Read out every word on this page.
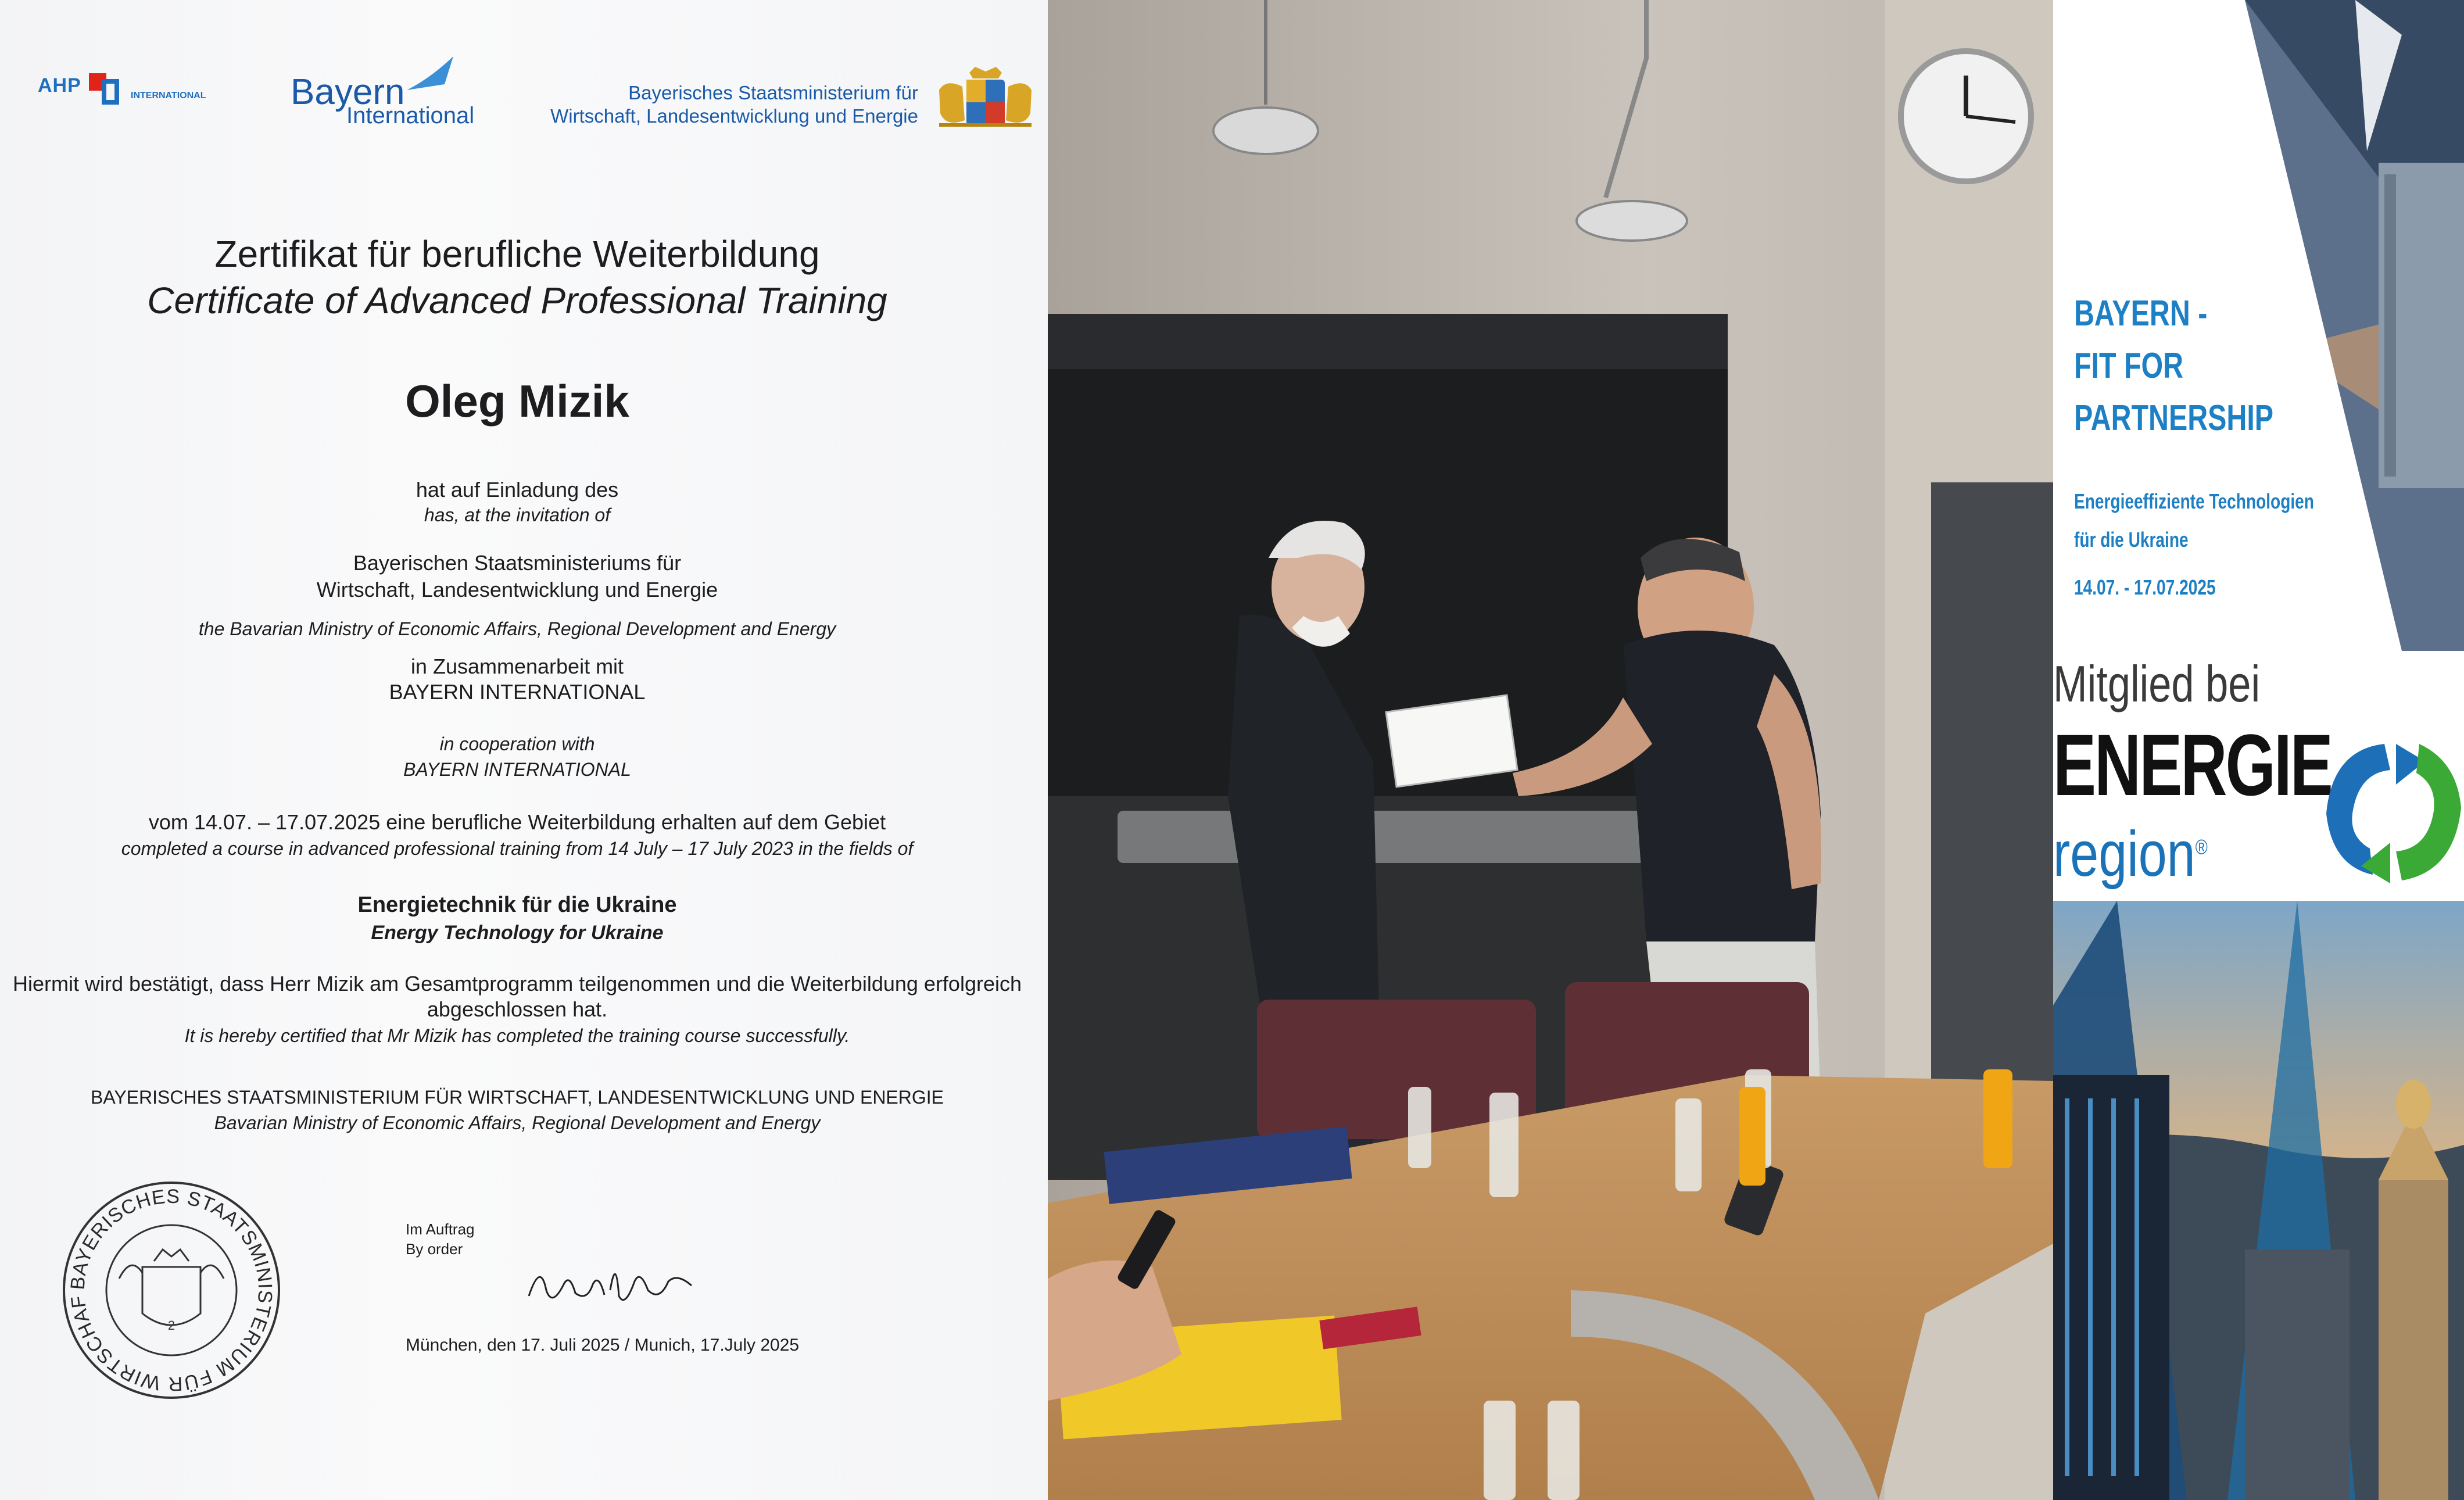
AHP	INTERNATIONAL Bayern
International
Bayerisches Staatsministerium für
Wirtschaft, Landesentwicklung und Energie
Zertifikat für berufliche Weiterbildung
Certificate of Advanced Professional Training
Oleg Mizik
hat auf Einladung des
has, at the invitation of
Bayerischen Staatsministeriums für
Wirtschaft, Landesentwicklung und Energie
the Bavarian Ministry of Economic Affairs, Regional Development and Energy
in Zusammenarbeit mit
BAYERN INTERNATIONAL
in cooperation with
BAYERN INTERNATIONAL
vom 14.07. – 17.07.2025 eine berufliche Weiterbildung erhalten auf dem Gebiet
completed a course in advanced professional training from 14 July – 17 July 2023 in the fields of
Energietechnik für die Ukraine
Energy Technology for Ukraine
Hiermit wird bestätigt, dass Herr Mizik am Gesamtprogramm teilgenommen und die Weiterbildung erfolgreich
abgeschlossen hat.
It is hereby certified that Mr Mizik has completed the training course successfully.
BAYERISCHES STAATSMINISTERIUM FÜR WIRTSCHAFT, LANDESENTWICKLUNG UND ENERGIE
Bavarian Ministry of Economic Affairs, Regional Development and Energy
BAYERISCHES STAATSMINISTERIUM FÜR WIRTSCHAF
2
Im Auftrag
By order
München, den 17. Juli 2025 / Munich, 17.July 2025
BAYERN -
FIT FOR
PARTNERSHIP
Energieeffiziente Technologien
für die Ukraine
14.07. - 17.07.2025
Mitglied bei
ENERGIE
region®
